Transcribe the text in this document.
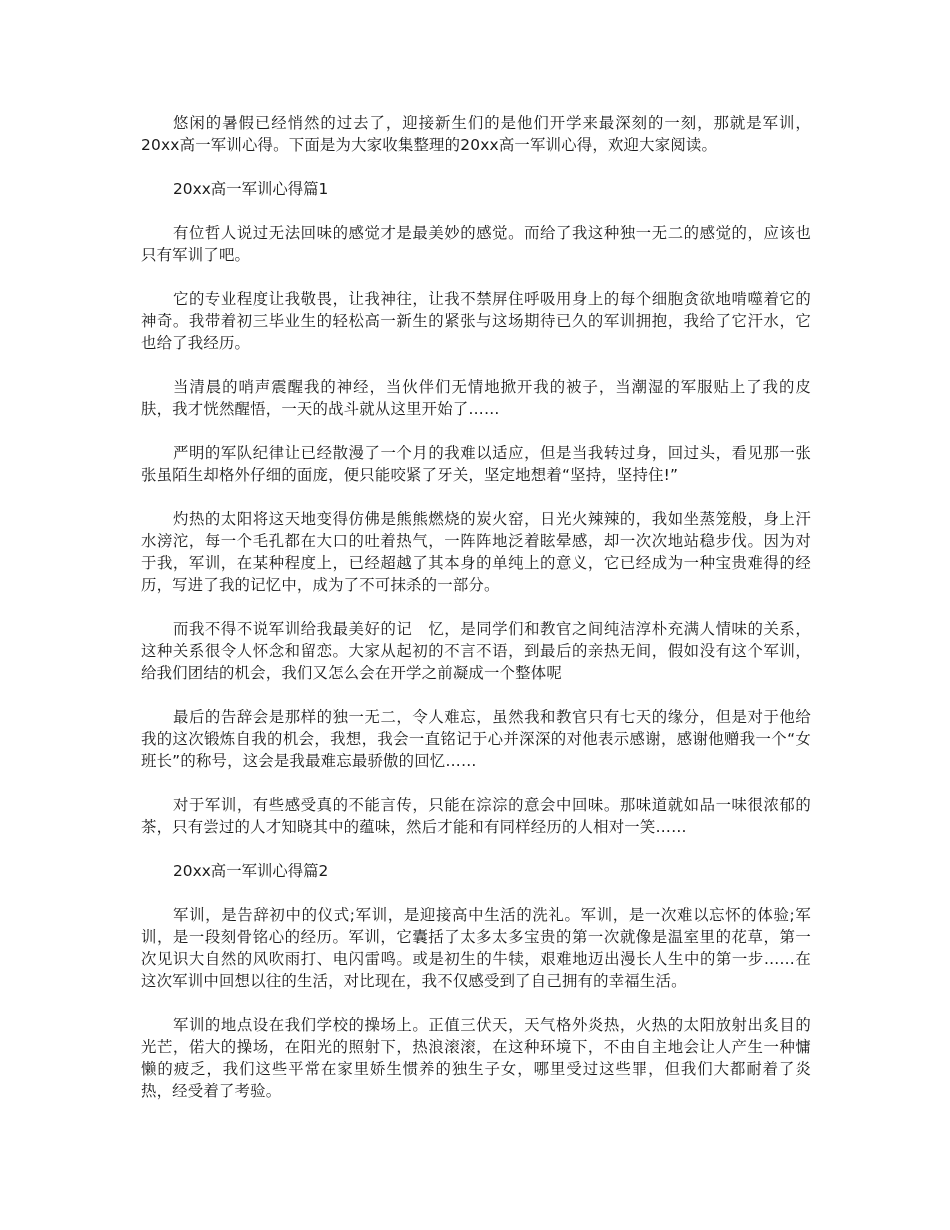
悠闲的暑假已经悄然的过去了，迎接新生们的是他们开学来最深刻的一刻，那就是军训，20xx高一军训心得。下面是为大家收集整理的20xx高一军训心得，欢迎大家阅读。

20xx高一军训心得篇1

有位哲人说过无法回味的感觉才是最美妙的感觉。而给了我这种独一无二的感觉的，应该也只有军训了吧。

它的专业程度让我敬畏，让我神往，让我不禁屏住呼吸用身上的每个细胞贪欲地啃噬着它的神奇。我带着初三毕业生的轻松高一新生的紧张与这场期待已久的军训拥抱，我给了它汗水，它也给了我经历。

当清晨的哨声震醒我的神经，当伙伴们无情地掀开我的被子，当潮湿的军服贴上了我的皮肤，我才恍然醒悟，一天的战斗就从这里开始了……

严明的军队纪律让已经散漫了一个月的我难以适应，但是当我转过身，回过头，看见那一张张虽陌生却格外仔细的面庞，便只能咬紧了牙关，坚定地想着“坚持，坚持住!”

灼热的太阳将这天地变得仿佛是熊熊燃烧的炭火窑，日光火辣辣的，我如坐蒸笼般，身上汗水滂沱，每一个毛孔都在大口的吐着热气，一阵阵地泛着眩晕感，却一次次地站稳步伐。因为对于我，军训，在某种程度上，已经超越了其本身的单纯上的意义，它已经成为一种宝贵难得的经历，写进了我的记忆中，成为了不可抹杀的一部分。

而我不得不说军训给我最美好的记　忆，是同学们和教官之间纯洁淳朴充满人情味的关系，这种关系很令人怀念和留恋。大家从起初的不言不语，到最后的亲热无间，假如没有这个军训，给我们团结的机会，我们又怎么会在开学之前凝成一个整体呢

最后的告辞会是那样的独一无二，令人难忘，虽然我和教官只有七天的缘分，但是对于他给我的这次锻炼自我的机会，我想，我会一直铭记于心并深深的对他表示感谢，感谢他赠我一个“女班长”的称号，这会是我最难忘最骄傲的回忆……

对于军训，有些感受真的不能言传，只能在淙淙的意会中回味。那味道就如品一味很浓郁的茶，只有尝过的人才知晓其中的蕴味，然后才能和有同样经历的人相对一笑……

20xx高一军训心得篇2

军训，是告辞初中的仪式;军训，是迎接高中生活的洗礼。军训，是一次难以忘怀的体验;军训，是一段刻骨铭心的经历。军训，它囊括了太多太多宝贵的第一次就像是温室里的花草，第一次见识大自然的风吹雨打、电闪雷鸣。或是初生的牛犊，艰难地迈出漫长人生中的第一步……在这次军训中回想以往的生活，对比现在，我不仅感受到了自己拥有的幸福生活。

军训的地点设在我们学校的操场上。正值三伏天，天气格外炎热，火热的太阳放射出炙目的光芒，偌大的操场，在阳光的照射下，热浪滚滚，在这种环境下，不由自主地会让人产生一种慵懒的疲乏，我们这些平常在家里娇生惯养的独生子女，哪里受过这些罪，但我们大都耐着了炎热，经受着了考验。
